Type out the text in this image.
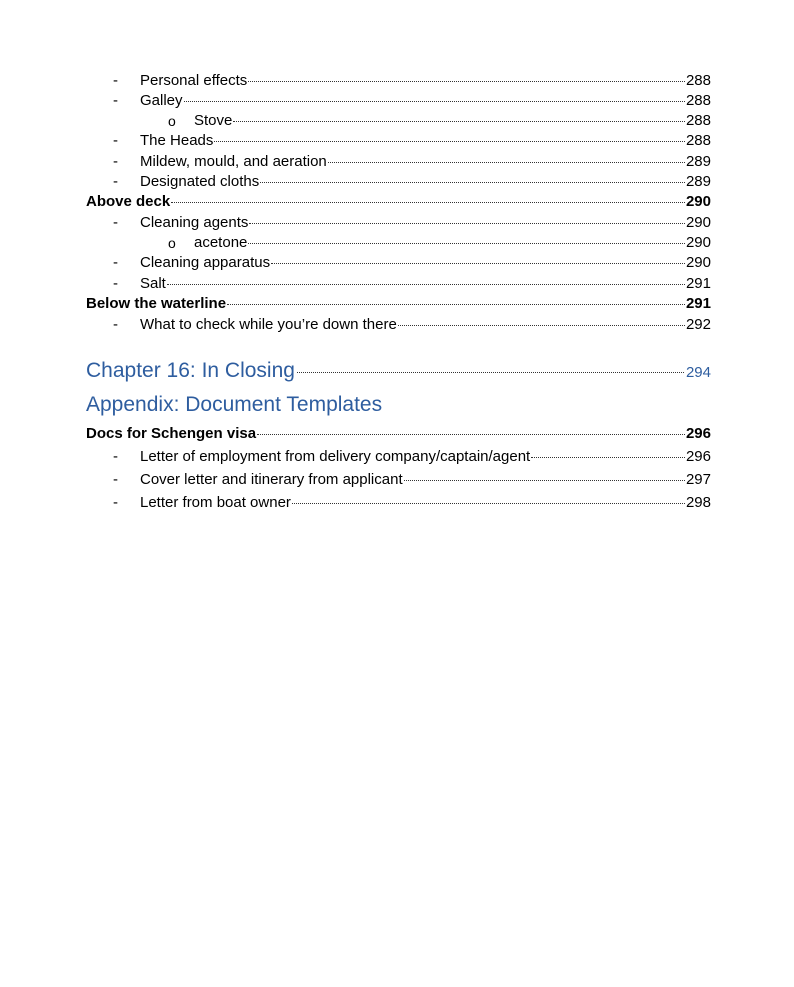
- Personal effects	288
- Galley	288
o Stove	288
- The Heads	288
- Mildew, mould, and aeration	289
- Designated cloths	289
Above deck	290
- Cleaning agents	290
o acetone	290
- Cleaning apparatus	290
- Salt	291
Below the waterline	291
- What to check while you’re down there	292
Chapter 16: In Closing	294
Appendix: Document Templates
Docs for Schengen visa	296
- Letter of employment from delivery company/captain/agent	296
- Cover letter and itinerary from applicant	297
- Letter from boat owner	298
